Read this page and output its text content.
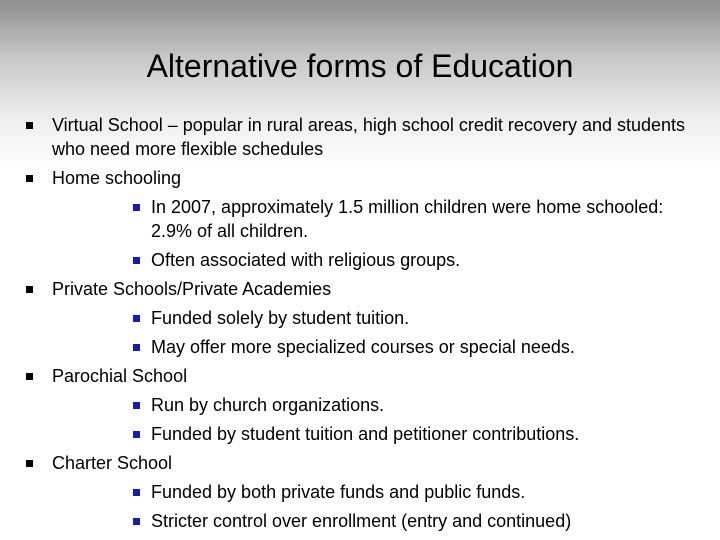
Alternative forms of Education
Virtual School – popular in rural areas, high school credit recovery and students who need more flexible schedules
Home schooling
In 2007, approximately 1.5 million children were home schooled: 2.9% of all children.
Often associated with religious groups.
Private Schools/Private Academies
Funded solely by student tuition.
May offer more specialized courses or special needs.
Parochial School
Run by church organizations.
Funded by student tuition and petitioner contributions.
Charter School
Funded by both private funds and public funds.
Stricter control over enrollment (entry and continued)
